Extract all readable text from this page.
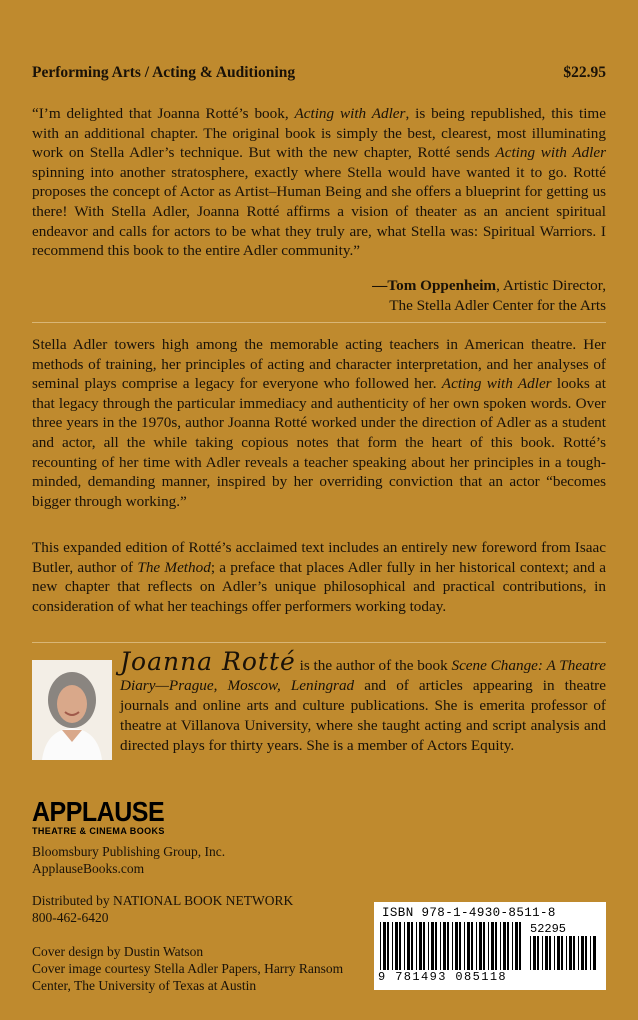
Performing Arts / Acting & Auditioning	$22.95
“I’m delighted that Joanna Rotté’s book, Acting with Adler, is being republished, this time with an additional chapter. The original book is simply the best, clearest, most illuminating work on Stella Adler’s technique. But with the new chapter, Rotté sends Acting with Adler spinning into another stratosphere, exactly where Stella would have wanted it to go. Rotté proposes the concept of Actor as Artist–Human Being and she offers a blueprint for getting us there! With Stella Adler, Joanna Rotté affirms a vision of theater as an ancient spiritual endeavor and calls for actors to be what they truly are, what Stella was: Spiritual Warriors. I recommend this book to the entire Adler community.”
—Tom Oppenheim, Artistic Director,
The Stella Adler Center for the Arts
Stella Adler towers high among the memorable acting teachers in American theatre. Her methods of training, her principles of acting and character interpretation, and her analyses of seminal plays comprise a legacy for everyone who followed her. Acting with Adler looks at that legacy through the particular immediacy and authenticity of her own spoken words. Over three years in the 1970s, author Joanna Rotté worked under the direction of Adler as a student and actor, all the while taking copious notes that form the heart of this book. Rotté’s recounting of her time with Adler reveals a teacher speaking about her principles in a tough-minded, demanding manner, inspired by her overriding conviction that an actor “becomes bigger through working.”
This expanded edition of Rotté’s acclaimed text includes an entirely new foreword from Isaac Butler, author of The Method; a preface that places Adler fully in her historical context; and a new chapter that reflects on Adler’s unique philosophical and practical contributions, in consideration of what her teachings offer performers working today.
Joanna Rotté is the author of the book Scene Change: A Theatre Diary—Prague, Moscow, Leningrad and of articles appearing in theatre journals and online arts and culture publications. She is emerita professor of theatre at Villanova University, where she taught acting and script analysis and directed plays for thirty years. She is a member of Actors Equity.
APPLAUSE
THEATRE & CINEMA BOOKS
Bloomsbury Publishing Group, Inc.
ApplauseBooks.com
Distributed by NATIONAL BOOK NETWORK
800-462-6420
Cover design by Dustin Watson
Cover image courtesy Stella Adler Papers, Harry Ransom Center, The University of Texas at Austin
ISBN 978-1-4930-8511-8
52295
9 781493 085118
